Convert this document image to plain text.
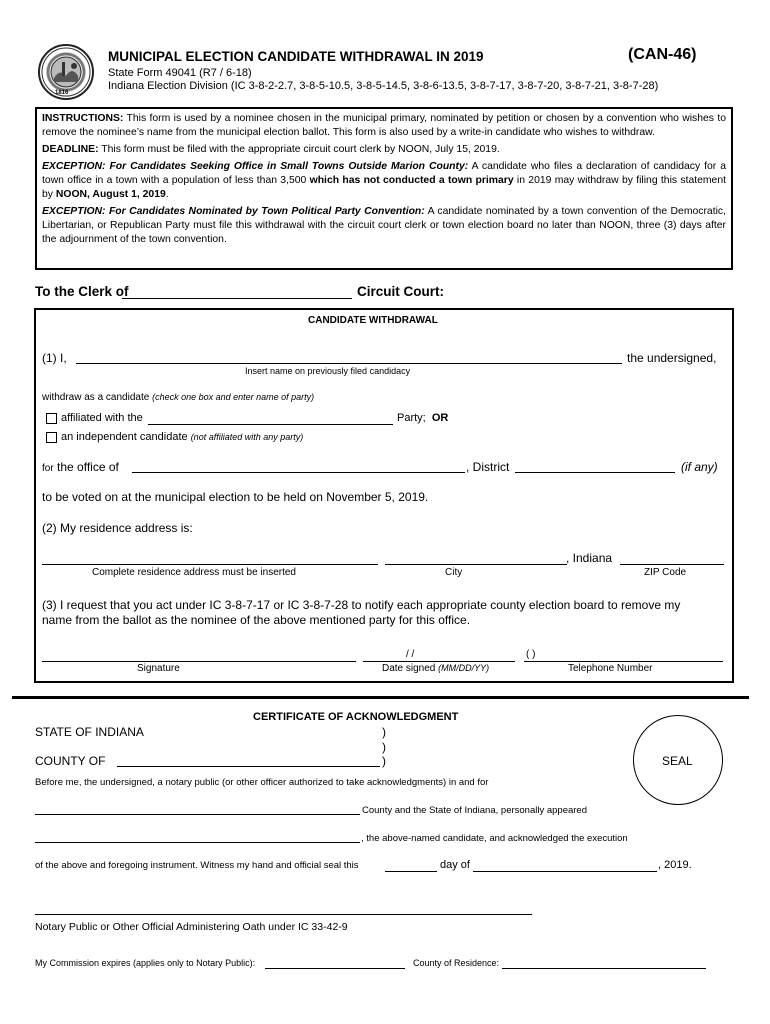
1816
MUNICIPAL ELECTION CANDIDATE WITHDRAWAL IN 2019	(CAN-46)
State Form 49041 (R7 / 6-18)
Indiana Election Division (IC 3-8-2-2.7, 3-8-5-10.5, 3-8-5-14.5, 3-8-6-13.5, 3-8-7-17, 3-8-7-20, 3-8-7-21, 3-8-7-28)

INSTRUCTIONS: This form is used by a nominee chosen in the municipal primary, nominated by petition or chosen by a convention who wishes to remove the nominee’s name from the municipal election ballot. This form is also used by a write-in candidate who wishes to withdraw.

DEADLINE: This form must be filed with the appropriate circuit court clerk by NOON, July 15, 2019.

EXCEPTION: For Candidates Seeking Office in Small Towns Outside Marion County: A candidate who files a declaration of candidacy for a town office in a town with a population of less than 3,500 which has not conducted a town primary in 2019 may withdraw by filing this statement by NOON, August 1, 2019.

EXCEPTION: For Candidates Nominated by Town Political Party Convention: A candidate nominated by a town convention of the Democratic, Libertarian, or Republican Party must file this withdrawal with the circuit court clerk or town election board no later than NOON, three (3) days after the adjournment of the town convention.

To the Clerk of	Circuit Court:
CANDIDATE WITHDRAWAL
(1) I,	the undersigned,
Insert name on previously filed candidacy
withdraw as a candidate (check one box and enter name of party)
affiliated with the	Party; OR
an independent candidate (not affiliated with any party)
for the office of	, District	(if any)
to be voted on at the municipal election to be held on November 5, 2019.
(2) My residence address is:
, Indiana
Complete residence address must be inserted	City	ZIP Code
(3) I request that you act under IC 3-8-7-17 or IC 3-8-7-28 to notify each appropriate county election board to remove my
name from the ballot as the nominee of the above mentioned party for this office.
/ /	( )
Signature	Date signed (MM/DD/YY)	Telephone Number
CERTIFICATE OF ACKNOWLEDGMENT
STATE OF INDIANA	)
)
COUNTY OF	)	SEAL
Before me, the undersigned, a notary public (or other officer authorized to take acknowledgments) in and for
County and the State of Indiana, personally appeared
, the above-named candidate, and acknowledged the execution
of the above and foregoing instrument. Witness my hand and official seal this	day of	, 2019.
Notary Public or Other Official Administering Oath under IC 33-42-9
My Commission expires (applies only to Notary Public):	County of Residence:
